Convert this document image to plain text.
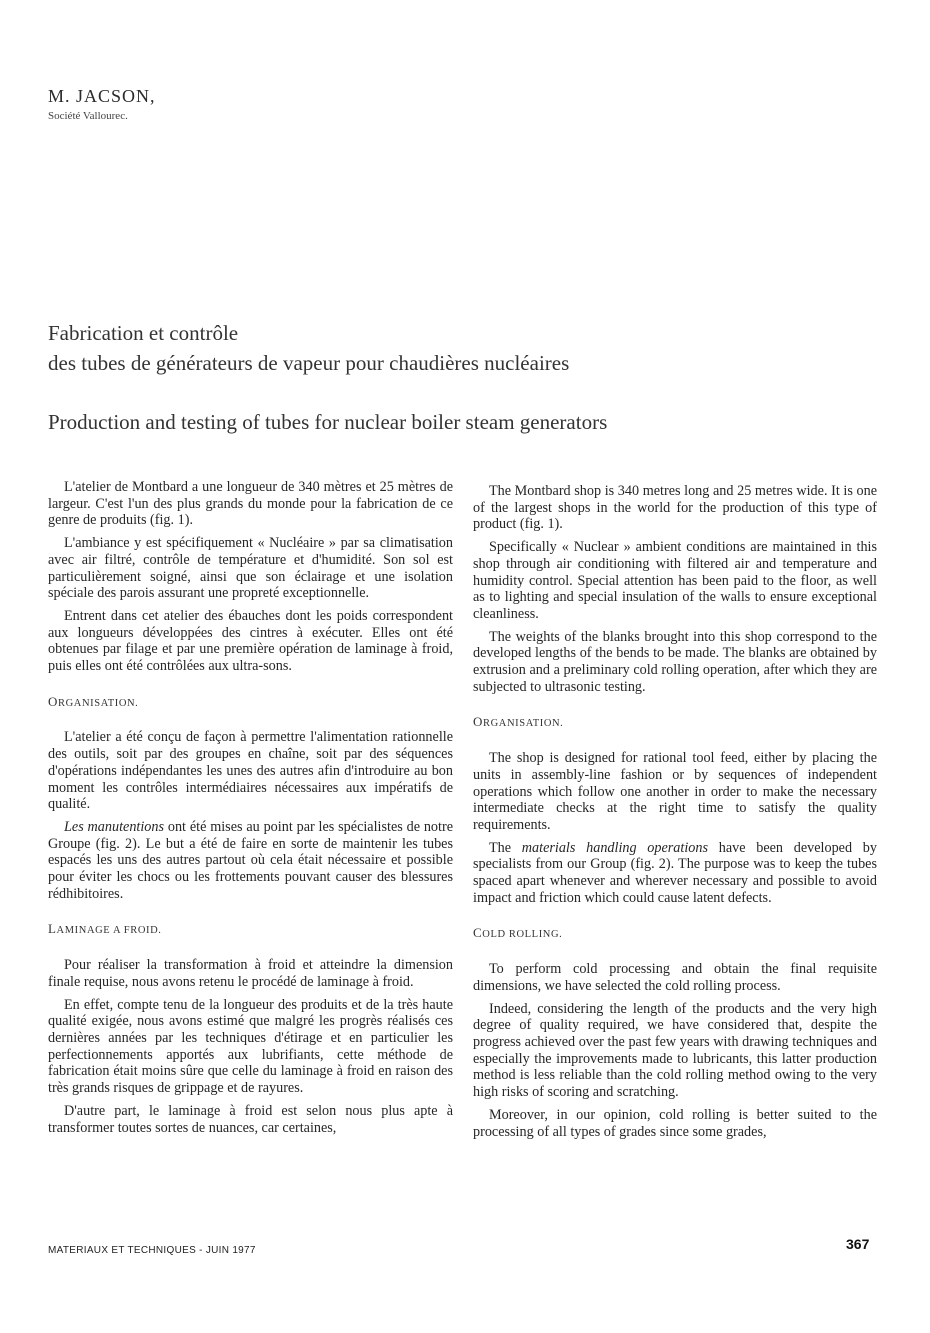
M. JACSON,
Société Vallourec.
Fabrication et contrôle
des tubes de générateurs de vapeur pour chaudières nucléaires
Production and testing of tubes for nuclear boiler steam generators

L'atelier de Montbard a une longueur de 340 mètres et 25 mètres de largeur. C'est l'un des plus grands du monde pour la fabrication de ce genre de produits (fig. 1).

L'ambiance y est spécifiquement « Nucléaire » par sa climatisation avec air filtré, contrôle de température et d'humidité. Son sol est particulièrement soigné, ainsi que son éclairage et une isolation spéciale des parois assurant une propreté exceptionnelle.

Entrent dans cet atelier des ébauches dont les poids correspondent aux longueurs développées des cintres à exécuter. Elles ont été obtenues par filage et par une première opération de laminage à froid, puis elles ont été contrôlées aux ultra-sons.

ORGANISATION.

L'atelier a été conçu de façon à permettre l'alimentation rationnelle des outils, soit par des groupes en chaîne, soit par des séquences d'opérations indépendantes les unes des autres afin d'introduire au bon moment les contrôles intermédiaires nécessaires aux impératifs de qualité.

Les manutentions ont été mises au point par les spécialistes de notre Groupe (fig. 2). Le but a été de faire en sorte de maintenir les tubes espacés les uns des autres partout où cela était nécessaire et possible pour éviter les chocs ou les frottements pouvant causer des blessures rédhibitoires.

LAMINAGE A FROID.

Pour réaliser la transformation à froid et atteindre la dimension finale requise, nous avons retenu le procédé de laminage à froid.

En effet, compte tenu de la longueur des produits et de la très haute qualité exigée, nous avons estimé que malgré les progrès réalisés ces dernières années par les techniques d'étirage et en particulier les perfectionnements apportés aux lubrifiants, cette méthode de fabrication était moins sûre que celle du laminage à froid en raison des très grands risques de grippage et de rayures.

D'autre part, le laminage à froid est selon nous plus apte à transformer toutes sortes de nuances, car certaines,

The Montbard shop is 340 metres long and 25 metres wide. It is one of the largest shops in the world for the production of this type of product (fig. 1).

Specifically « Nuclear » ambient conditions are maintained in this shop through air conditioning with filtered air and temperature and humidity control. Special attention has been paid to the floor, as well as to lighting and special insulation of the walls to ensure exceptional cleanliness.

The weights of the blanks brought into this shop correspond to the developed lengths of the bends to be made. The blanks are obtained by extrusion and a preliminary cold rolling operation, after which they are subjected to ultrasonic testing.

ORGANISATION.

The shop is designed for rational tool feed, either by placing the units in assembly-line fashion or by sequences of independent operations which follow one another in order to make the necessary intermediate checks at the right time to satisfy the quality requirements.

The materials handling operations have been developed by specialists from our Group (fig. 2). The purpose was to keep the tubes spaced apart whenever and wherever necessary and possible to avoid impact and friction which could cause latent defects.

COLD ROLLING.

To perform cold processing and obtain the final requisite dimensions, we have selected the cold rolling process.

Indeed, considering the length of the products and the very high degree of quality required, we have considered that, despite the progress achieved over the past few years with drawing techniques and especially the improvements made to lubricants, this latter production method is less reliable than the cold rolling method owing to the very high risks of scoring and scratching.

Moreover, in our opinion, cold rolling is better suited to the processing of all types of grades since some grades,

MATERIAUX ET TECHNIQUES - JUIN 1977	367
